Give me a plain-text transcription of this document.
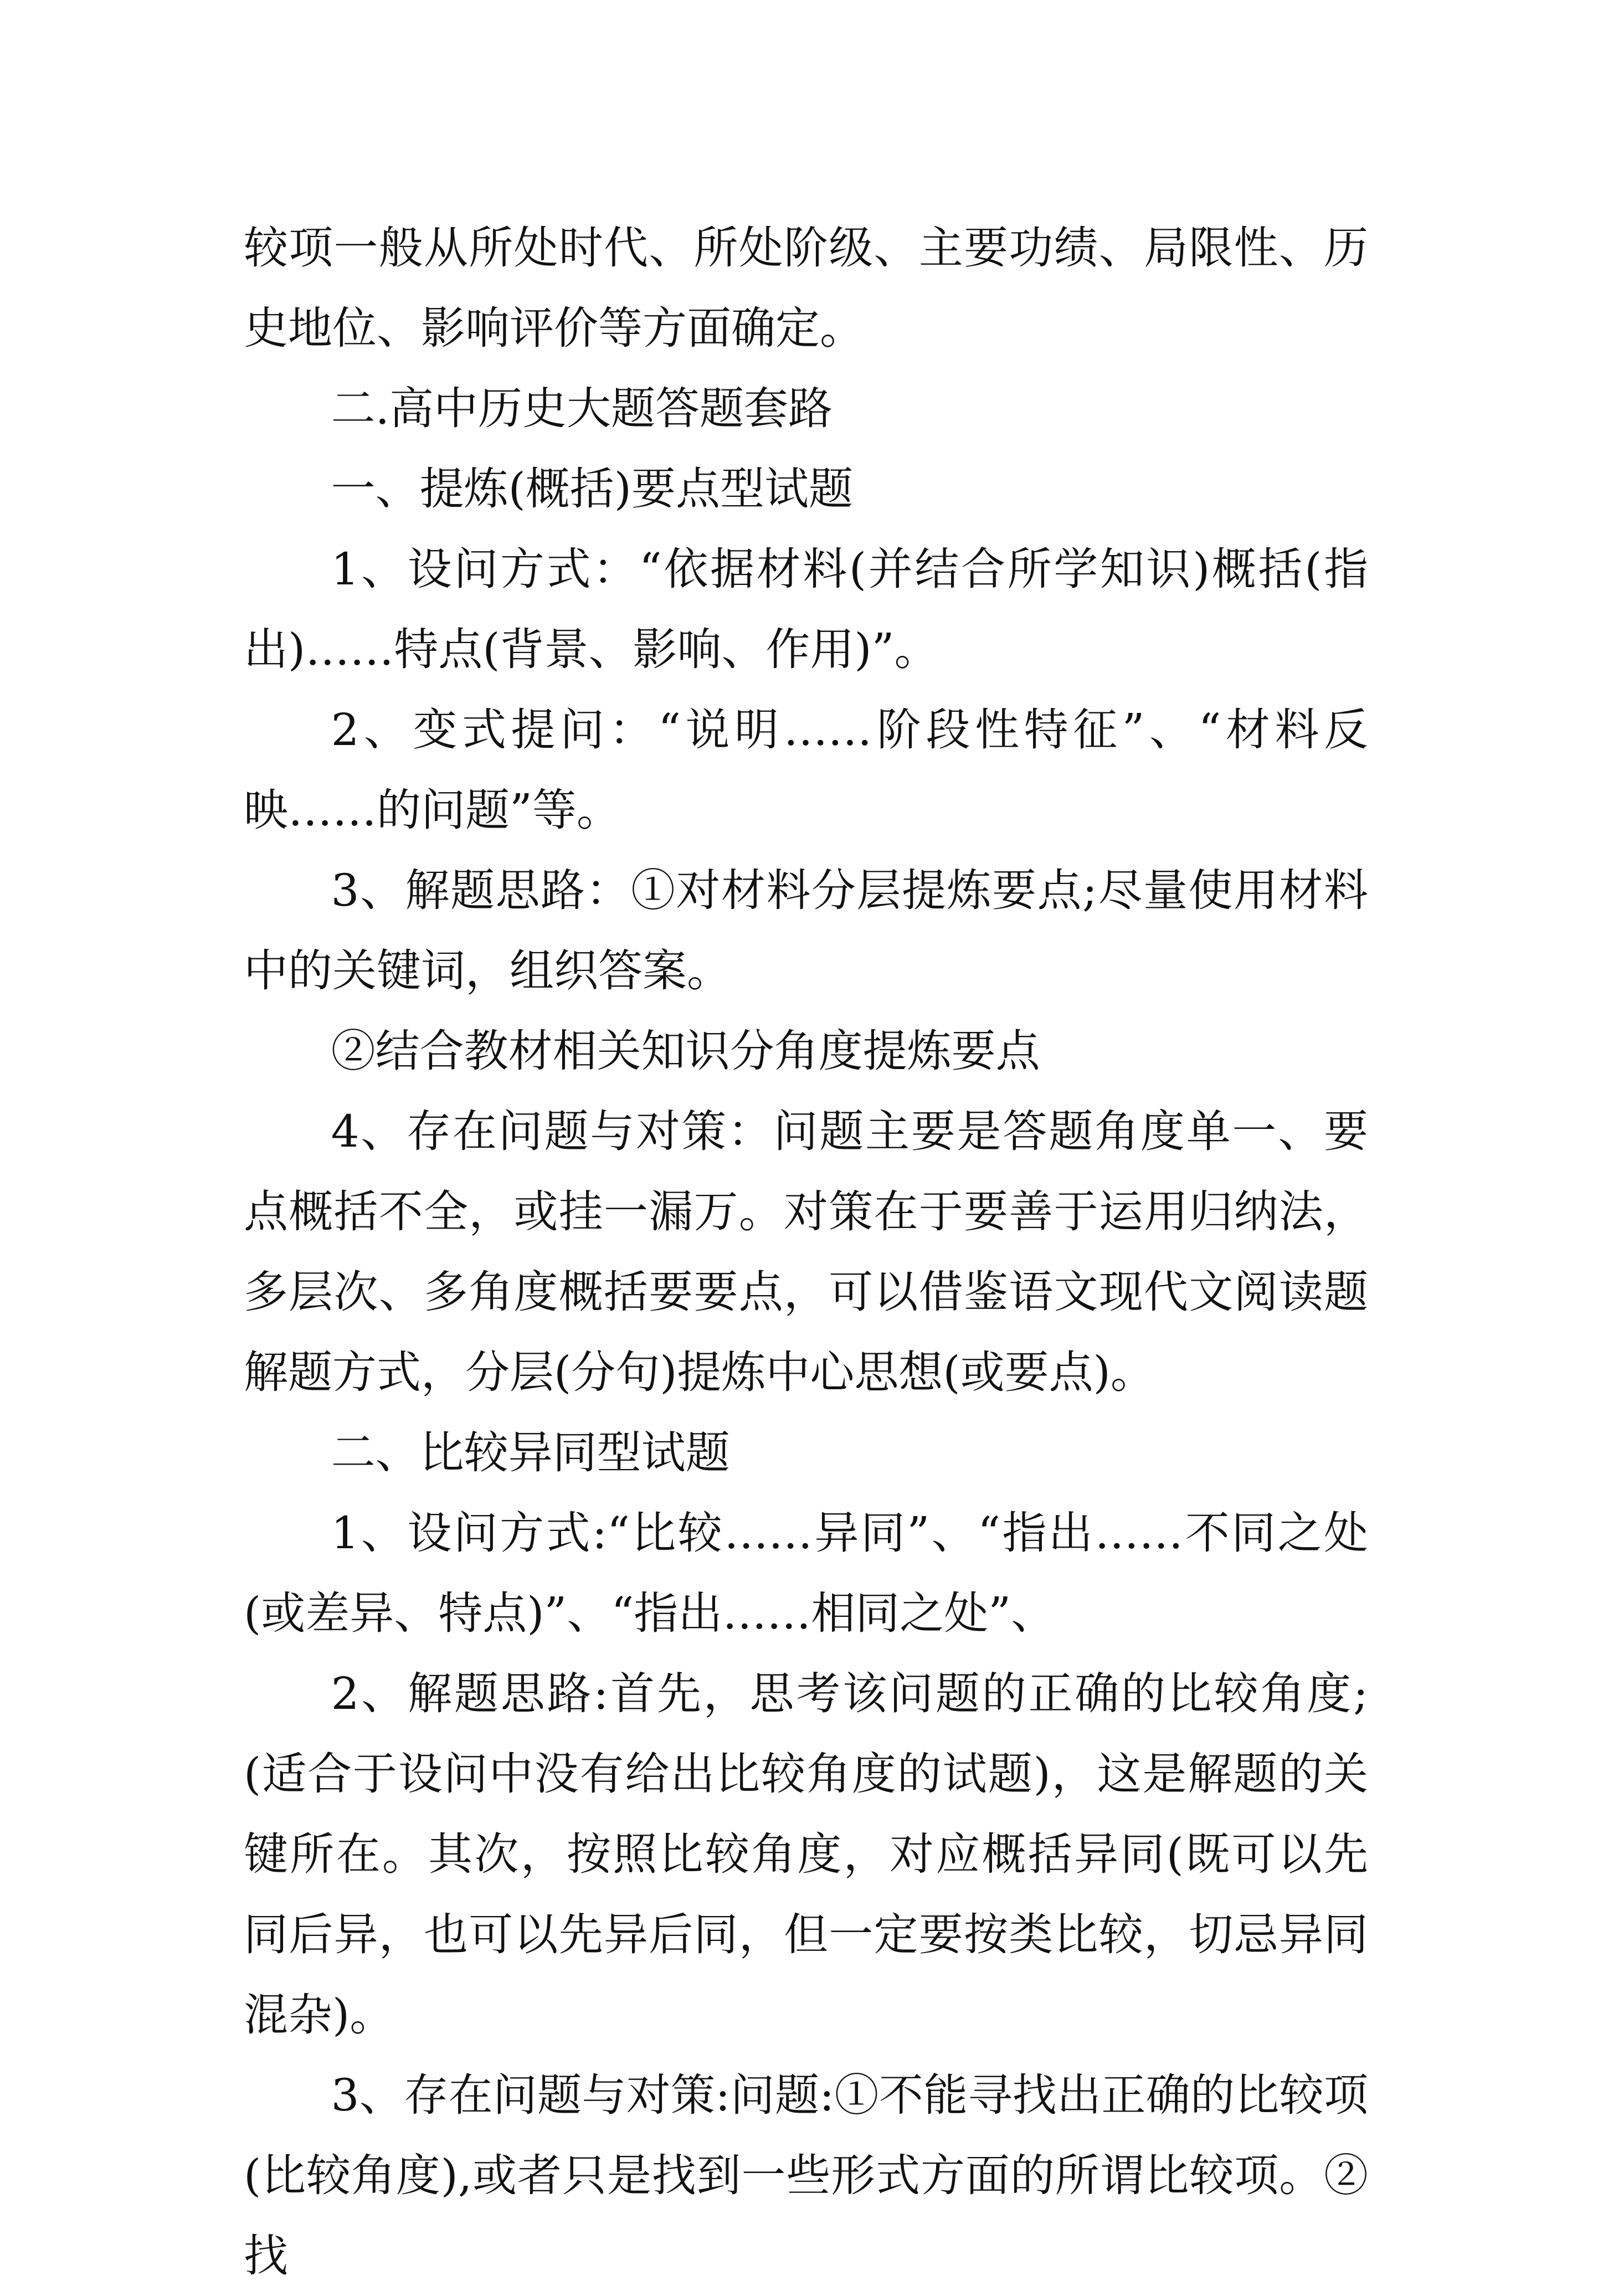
较项一般从所处时代、所处阶级、主要功绩、局限性、历史地位、影响评价等方面确定。

二.高中历史大题答题套路

一、提炼(概括)要点型试题

1、设问方式：“依据材料(并结合所学知识)概括(指出)……特点(背景、影响、作用)”。

2、变式提问：“说明……阶段性特征”、“材料反映……的问题”等。

3、解题思路：①对材料分层提炼要点;尽量使用材料中的关键词，组织答案。

②结合教材相关知识分角度提炼要点

4、存在问题与对策：问题主要是答题角度单一、要点概括不全，或挂一漏万。对策在于要善于运用归纳法，多层次、多角度概括要要点，可以借鉴语文现代文阅读题解题方式，分层(分句)提炼中心思想(或要点)。

二、比较异同型试题

1、设问方式:“比较……异同”、“指出……不同之处(或差异、特点)”、“指出……相同之处”、

2、解题思路:首先，思考该问题的正确的比较角度;(适合于设问中没有给出比较角度的试题)，这是解题的关键所在。其次，按照比较角度，对应概括异同(既可以先同后异，也可以先异后同，但一定要按类比较，切忌异同混杂)。

3、存在问题与对策:问题:①不能寻找出正确的比较项(比较角度),或者只是找到一些形式方面的所谓比较项。②找
